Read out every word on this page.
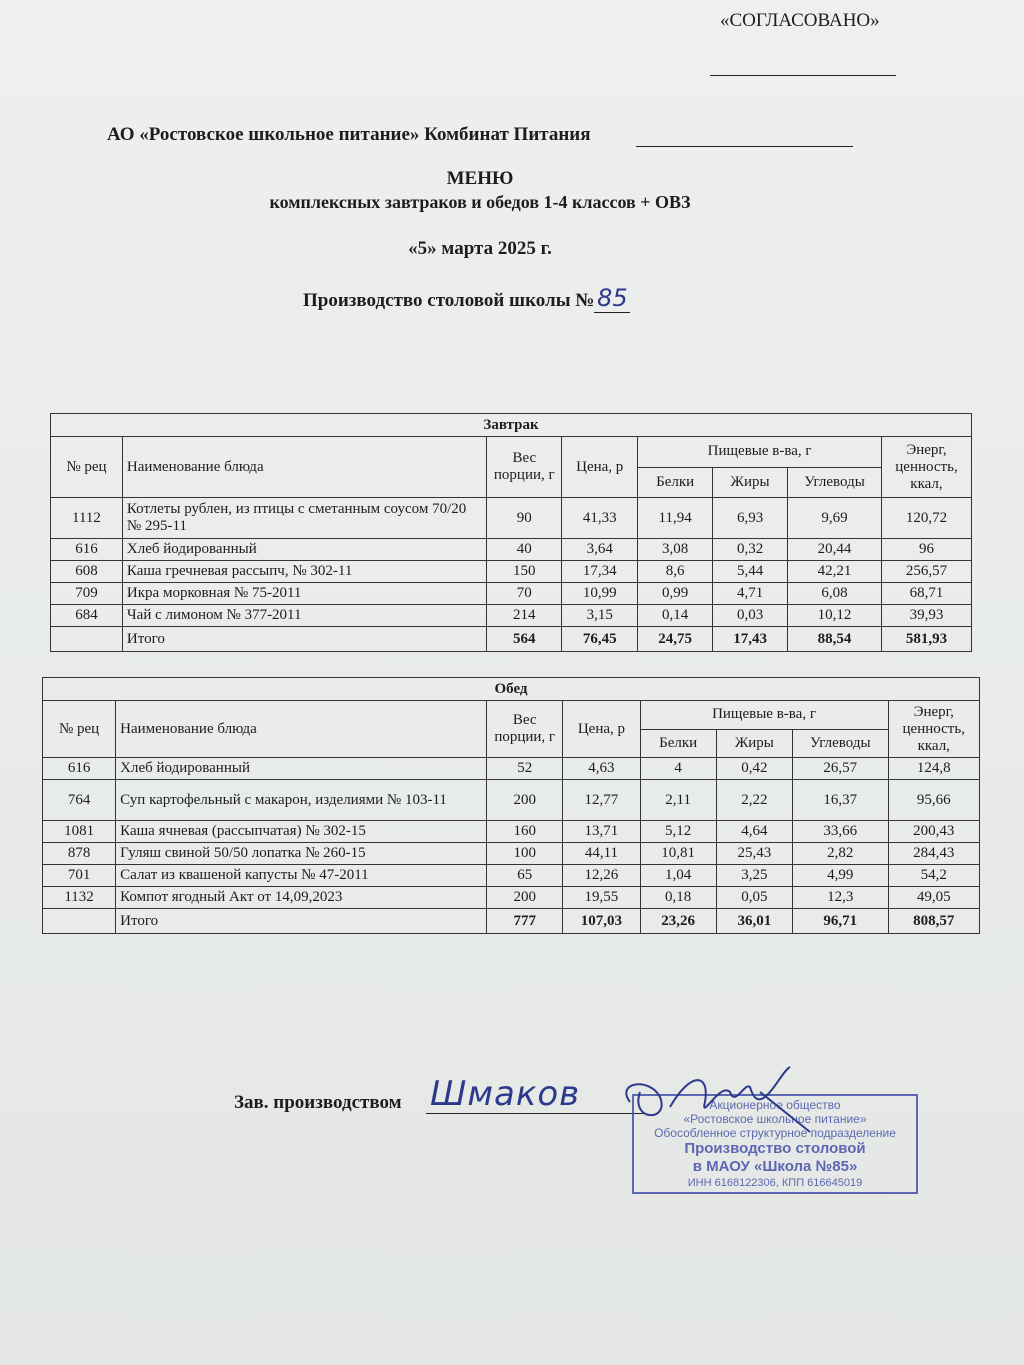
«СОГЛАСОВАНО»
АО «Ростовское школьное питание» Комбинат Питания
МЕНЮ
комплексных завтраков и обедов 1-4 классов + ОВЗ
«5» марта 2025 г.
Производство столовой школы № 85
Завтрак							
№ рец	Наименование блюда	Вес порции, г	Цена, р	Пищевые в-ва, г			Энерг, ценность, ккал,
				Белки	Жиры	Углеводы	
1112	Котлеты рублен, из птицы с сметанным соусом 70/20 № 295-11	90	41,33	11,94	6,93	9,69	120,72
616	Хлеб йодированный	40	3,64	3,08	0,32	20,44	96
608	Каша гречневая рассыпч, № 302-11	150	17,34	8,6	5,44	42,21	256,57
709	Икра морковная № 75-2011	70	10,99	0,99	4,71	6,08	68,71
684	Чай с лимоном № 377-2011	214	3,15	0,14	0,03	10,12	39,93
	Итого	564	76,45	24,75	17,43	88,54	581,93
Обед							
№ рец	Наименование блюда	Вес порции, г	Цена, р	Пищевые в-ва, г			Энерг, ценность, ккал,
				Белки	Жиры	Углеводы	
616	Хлеб йодированный	52	4,63	4	0,42	26,57	124,8
764	Суп картофельный с макарон, изделиями № 103-11	200	12,77	2,11	2,22	16,37	95,66
1081	Каша ячневая (рассыпчатая) № 302-15	160	13,71	5,12	4,64	33,66	200,43
878	Гуляш свиной 50/50 лопатка № 260-15	100	44,11	10,81	25,43	2,82	284,43
701	Салат из квашеной капусты № 47-2011	65	12,26	1,04	3,25	4,99	54,2
1132	Компот ягодный Акт от 14,09,2023	200	19,55	0,18	0,05	12,3	49,05
	Итого	777	107,03	23,26	36,01	96,71	808,57
Зав. производством Шмаков	Акционерное общество
«Ростовское школьное питание»
Обособленное структурное подразделение
Производство столовой
в МАОУ «Школа №85»
ИНН 6168122306, КПП 616645019
